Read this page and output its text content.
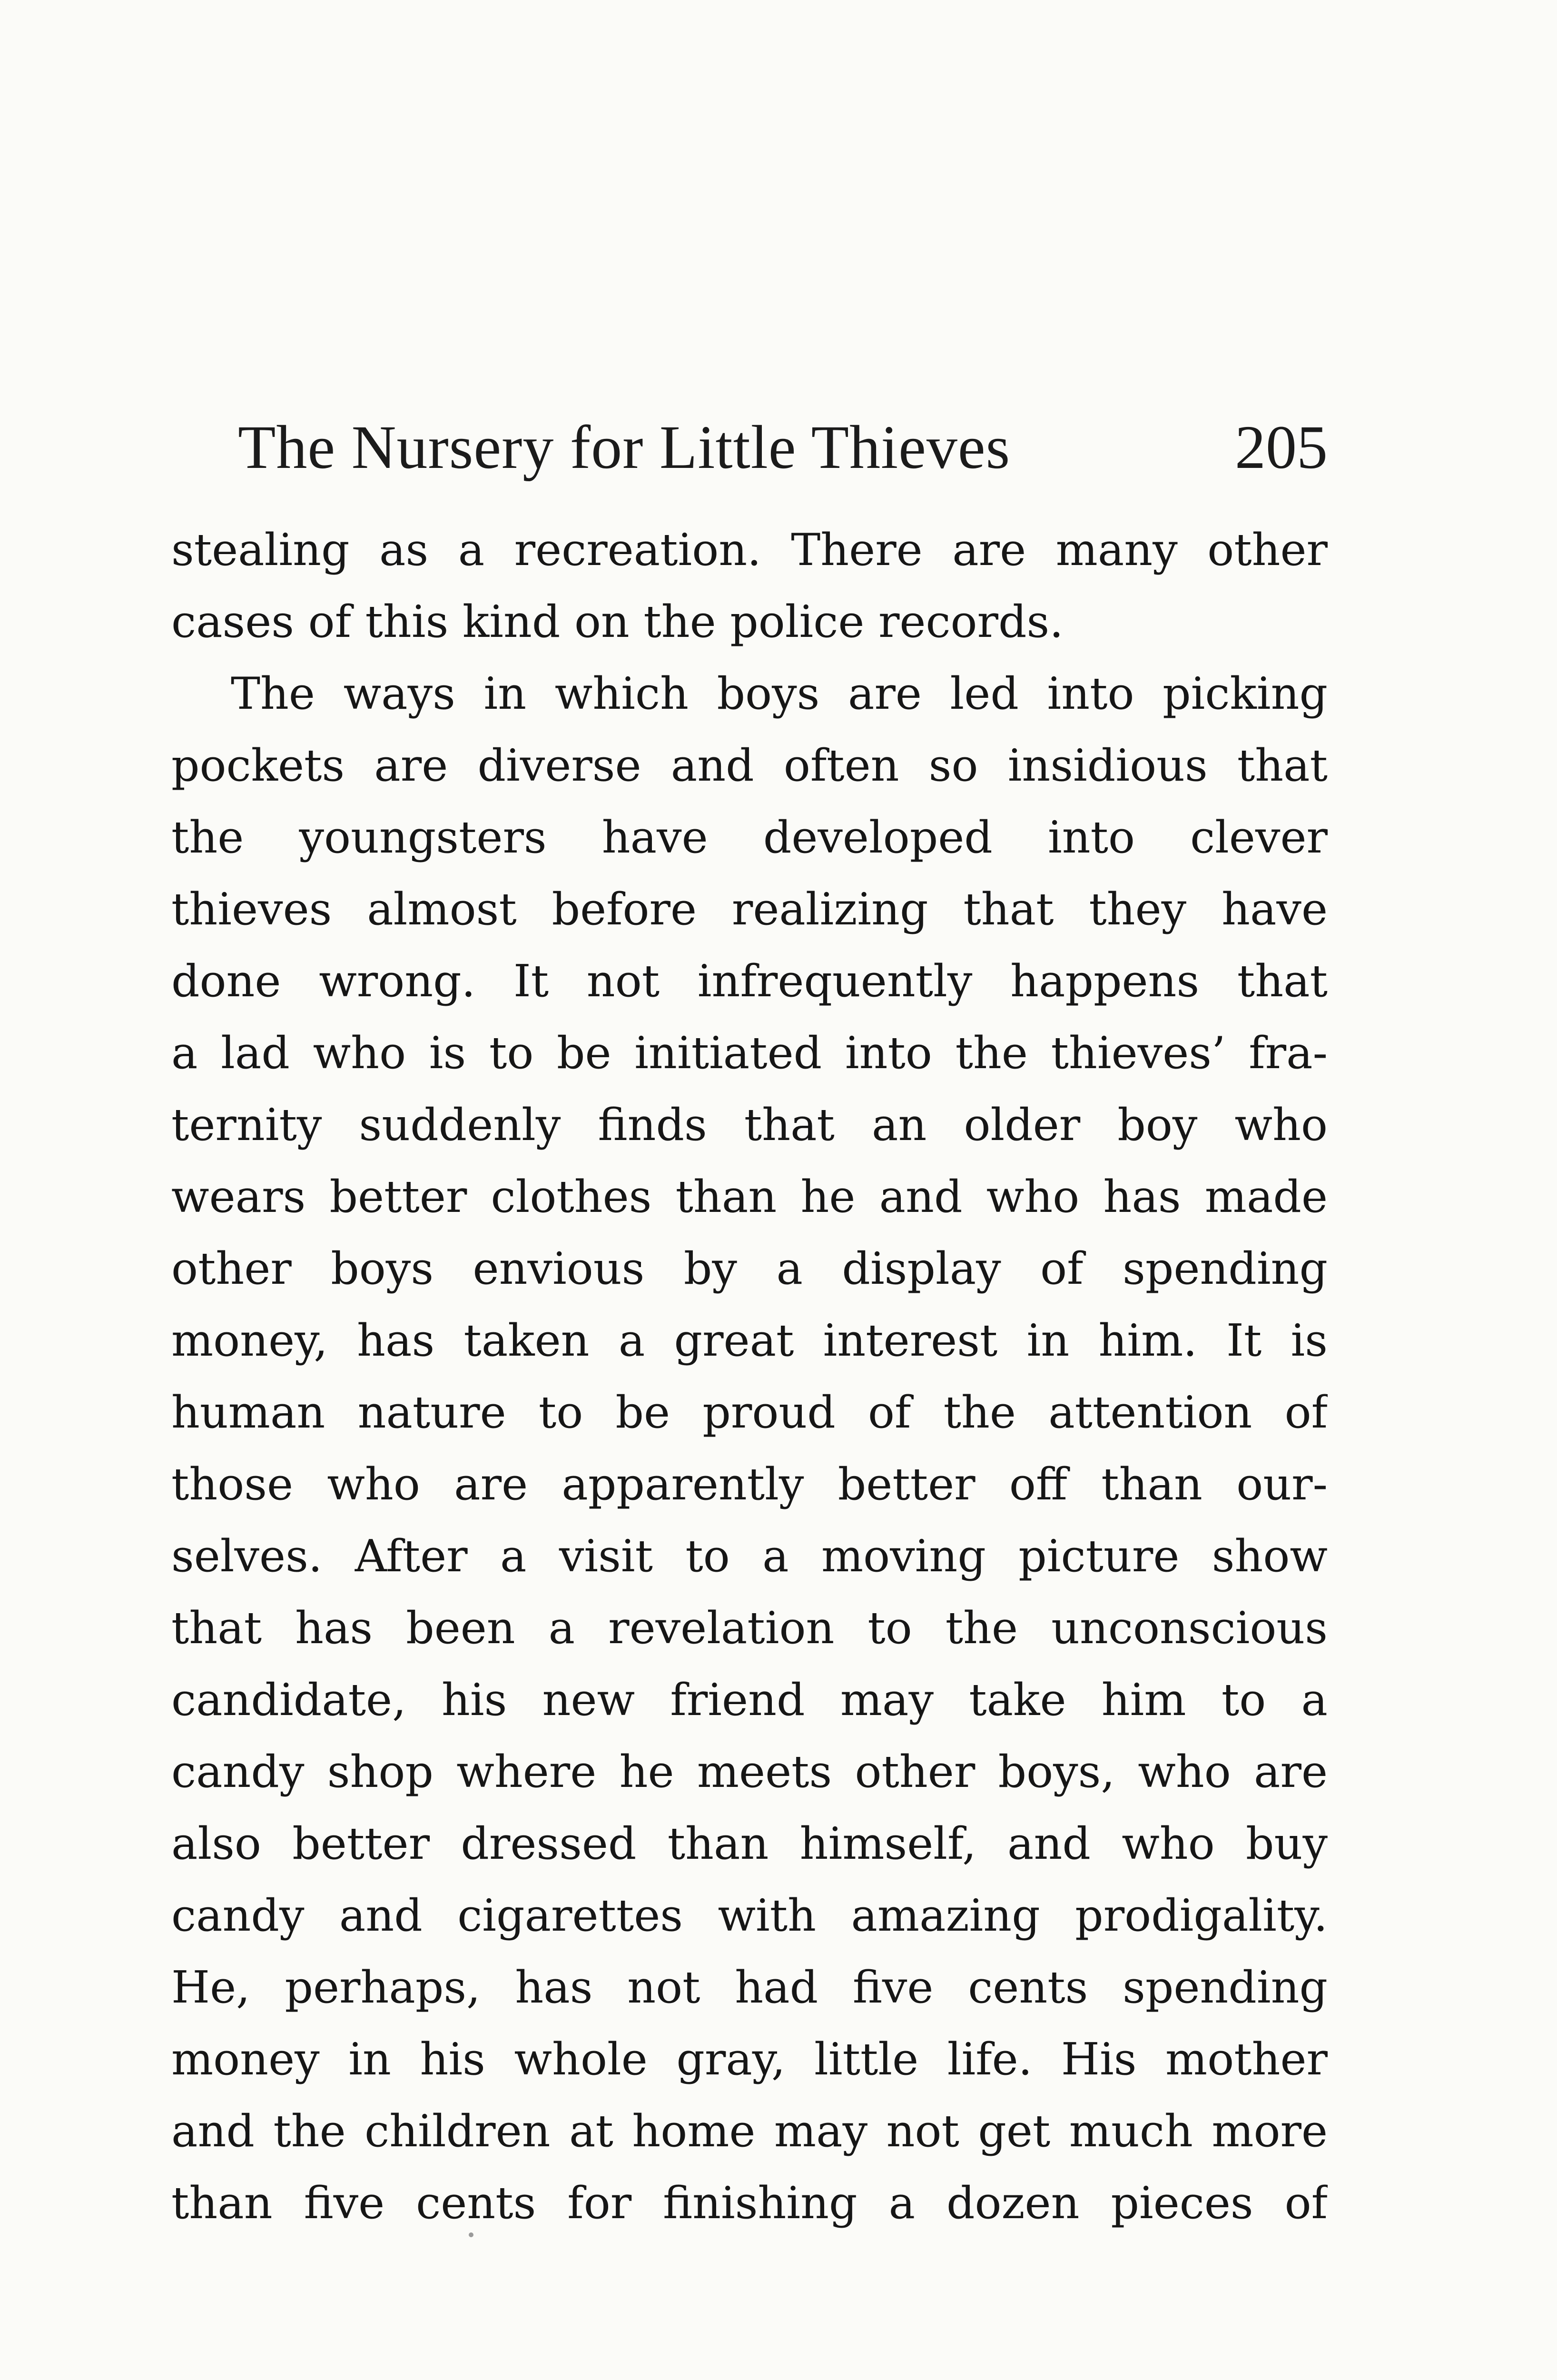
The Nursery for Little Thieves	205
stealing as a recreation. There are many other
cases of this kind on the police records.
The ways in which boys are led into picking
pockets are diverse and often so insidious that
the youngsters have developed into clever
thieves almost before realizing that they have
done wrong. It not infrequently happens that
a lad who is to be initiated into the thieves’ fra-
ternity suddenly finds that an older boy who
wears better clothes than he and who has made
other boys envious by a display of spending
money, has taken a great interest in him. It is
human nature to be proud of the attention of
those who are apparently better off than our-
selves. After a visit to a moving picture show
that has been a revelation to the unconscious
candidate, his new friend may take him to a
candy shop where he meets other boys, who are
also better dressed than himself, and who buy
candy and cigarettes with amazing prodigality.
He, perhaps, has not had five cents spending
money in his whole gray, little life. His mother
and the children at home may not get much more
than five cents for finishing a dozen pieces of
